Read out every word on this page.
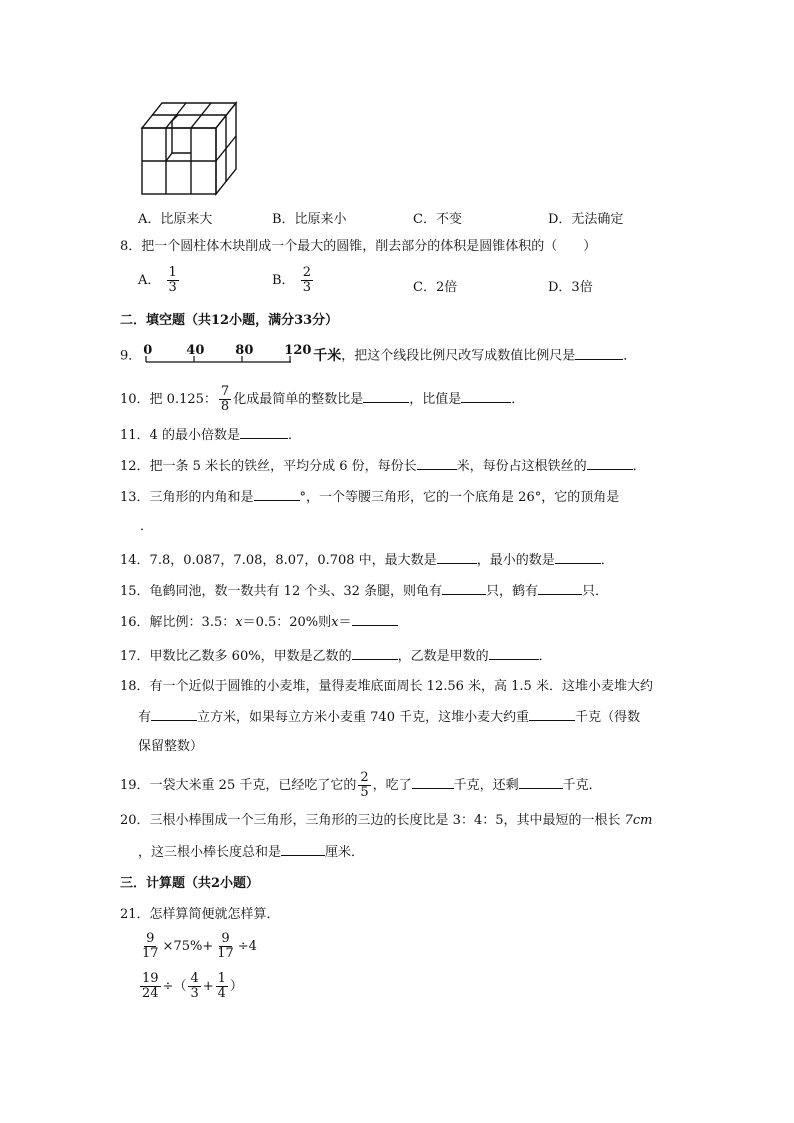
A．比原来大	B．比原来小	C．不变	D．无法确定
8．把一个圆柱体木块削成一个最大的圆锥，削去部分的体积是圆锥体积的（　　）
A． $\frac{1}{3}$	B． $\frac{2}{3}$	C．2倍	D．3倍
二．填空题（共12小题，满分33分）
9． 0	40 80 120 千米，把这个线段比例尺改写成数值比例尺是	．
10．把 0.125： $\frac{7}{8}$ 化成最简单的整数比是	，比值是	．
11．4 的最小倍数是	．
12．把一条 5 米长的铁丝，平均分成 6 份，每份长	米，每份占这根铁丝的	．
13．三角形的内角和是	°，一个等腰三角形，它的一个底角是 26°，它的顶角是
．
14．7.8，0.087，7.08，8.07，0.708 中，最大数是	，最小的数是	．
15．龟鹤同池，数一数共有 12 个头、32 条腿，则龟有	只，鹤有	只．
16．解比例：3.5：x＝0.5：20%则x＝
17．甲数比乙数多 60%，甲数是乙数的	，乙数是甲数的	．
18．有一个近似于圆锥的小麦堆，量得麦堆底面周长 12.56 米，高 1.5 米．这堆小麦堆大约
有	立方米，如果每立方米小麦重 740 千克，这堆小麦大约重	千克（得数
保留整数）
19．一袋大米重 25 千克，已经吃了它的 $\frac{2}{5}$ ，吃了	千克，还剩	千克．
20．三根小棒围成一个三角形，三角形的三边的长度比是 3：4：5，其中最短的一根长 7cm
，这三根小棒长度总和是	厘米．
三．计算题（共2小题）
21．怎样算简便就怎样算．
$\frac{9}{17} \times 75\%+ \frac{9}{17} \div 4$
$\frac{19}{24}$ ÷（ $\frac{4}{3} + \frac{1}{4}$ ）
